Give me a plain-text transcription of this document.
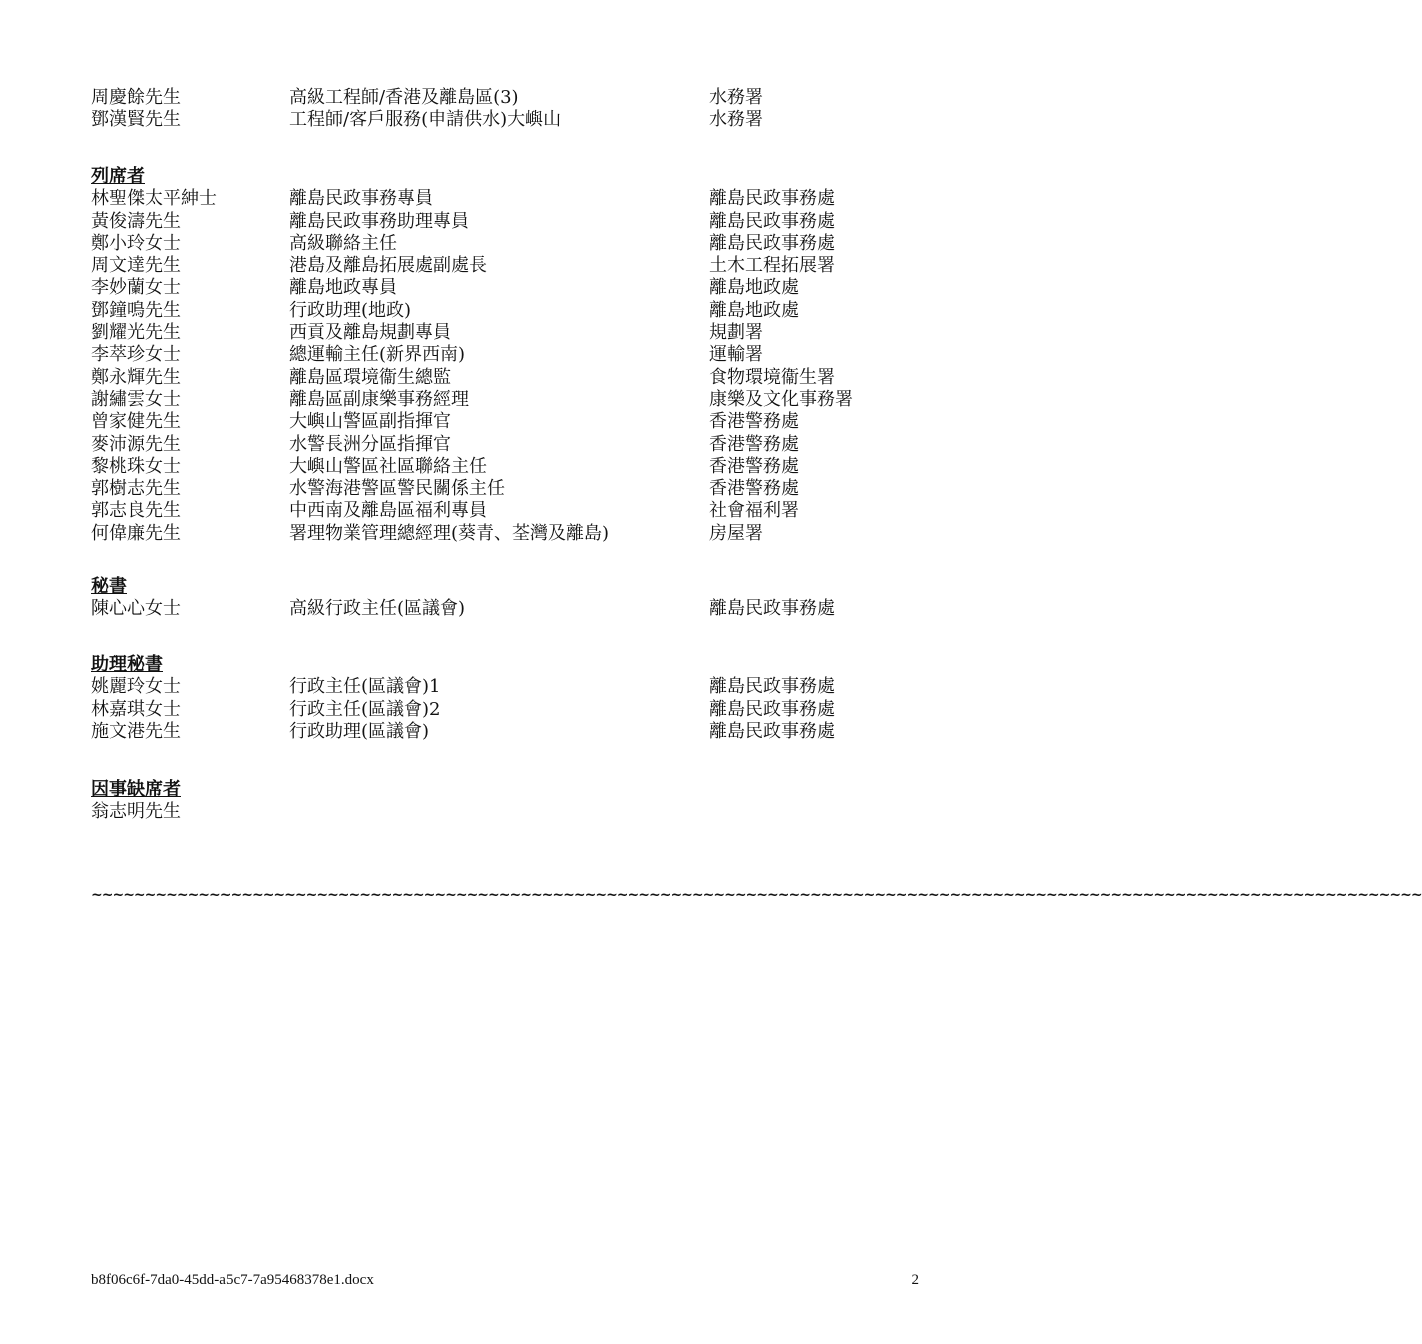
周慶餘先生	高級工程師/香港及離島區(3)	水務署
鄧漢賢先生	工程師/客戶服務(申請供水)大嶼山	水務署
列席者
林聖傑太平紳士	離島民政事務專員	離島民政事務處
黃俊濤先生	離島民政事務助理專員	離島民政事務處
鄭小玲女士	高級聯絡主任	離島民政事務處
周文達先生	港島及離島拓展處副處長	土木工程拓展署
李妙蘭女士	離島地政專員	離島地政處
鄧鐘鳴先生	行政助理(地政)	離島地政處
劉耀光先生	西貢及離島規劃專員	規劃署
李萃珍女士	總運輸主任(新界西南)	運輸署
鄭永輝先生	離島區環境衞生總監	食物環境衞生署
謝繡雲女士	離島區副康樂事務經理	康樂及文化事務署
曾家健先生	大嶼山警區副指揮官	香港警務處
麥沛源先生	水警長洲分區指揮官	香港警務處
黎桃珠女士	大嶼山警區社區聯絡主任	香港警務處
郭樹志先生	水警海港警區警民關係主任	香港警務處
郭志良先生	中西南及離島區福利專員	社會福利署
何偉廉先生	署理物業管理總經理(葵青、荃灣及離島)	房屋署
秘書
陳心心女士	高級行政主任(區議會)	離島民政事務處
助理秘書
姚麗玲女士	行政主任(區議會)1	離島民政事務處
林嘉琪女士	行政主任(區議會)2	離島民政事務處
施文港先生	行政助理(區議會)	離島民政事務處
因事缺席者
翁志明先生
~~~~~~~~~~~~~~~~~~~~~~~~~~~~~~~~~~~~~~~~~~~~~~~~~~~~~~~~~~~~~~~~~~~~~~~~~~~~~~~~~~~~~~~~~~~~~~~~~~~~~~~~~~~~~~~~~~~~~~~~~~~~
b8f06c6f-7da0-45dd-a5c7-7a95468378e1.docx	2
